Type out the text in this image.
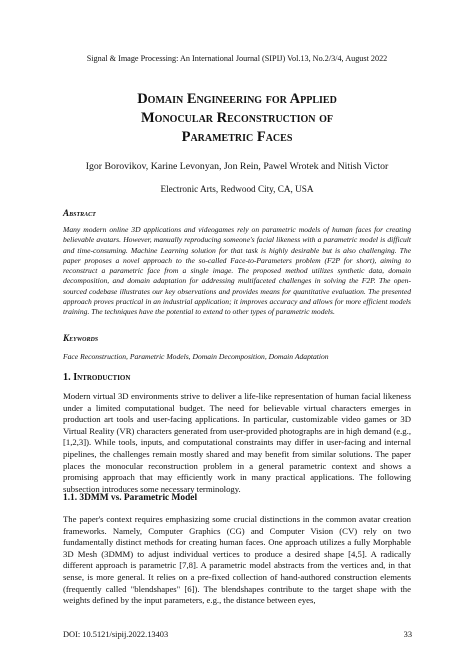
Signal & Image Processing: An International Journal (SIPIJ) Vol.13, No.2/3/4, August 2022
Domain Engineering for Applied
Monocular Reconstruction of
Parametric Faces
Igor Borovikov, Karine Levonyan, Jon Rein, Pawel Wrotek and Nitish Victor
Electronic Arts, Redwood City, CA, USA
Abstract
Many modern online 3D applications and videogames rely on parametric models of human faces for creating believable avatars. However, manually reproducing someone's facial likeness with a parametric model is difficult and time-consuming. Machine Learning solution for that task is highly desirable but is also challenging. The paper proposes a novel approach to the so-called Face-to-Parameters problem (F2P for short), aiming to reconstruct a parametric face from a single image. The proposed method utilizes synthetic data, domain decomposition, and domain adaptation for addressing multifaceted challenges in solving the F2P. The open-sourced codebase illustrates our key observations and provides means for quantitative evaluation. The presented approach proves practical in an industrial application; it improves accuracy and allows for more efficient models training. The techniques have the potential to extend to other types of parametric models.
Keywords
Face Reconstruction, Parametric Models, Domain Decomposition, Domain Adaptation
1. Introduction
Modern virtual 3D environments strive to deliver a life-like representation of human facial likeness under a limited computational budget. The need for believable virtual characters emerges in production art tools and user-facing applications. In particular, customizable video games or 3D Virtual Reality (VR) characters generated from user-provided photographs are in high demand (e.g., [1,2,3]). While tools, inputs, and computational constraints may differ in user-facing and internal pipelines, the challenges remain mostly shared and may benefit from similar solutions. The paper places the monocular reconstruction problem in a general parametric context and shows a promising approach that may efficiently work in many practical applications. The following subsection introduces some necessary terminology.
1.1. 3DMM vs. Parametric Model
The paper's context requires emphasizing some crucial distinctions in the common avatar creation frameworks. Namely, Computer Graphics (CG) and Computer Vision (CV) rely on two fundamentally distinct methods for creating human faces. One approach utilizes a fully Morphable 3D Mesh (3DMM) to adjust individual vertices to produce a desired shape [4,5]. A radically different approach is parametric [7,8]. A parametric model abstracts from the vertices and, in that sense, is more general. It relies on a pre-fixed collection of hand-authored construction elements (frequently called "blendshapes" [6]). The blendshapes contribute to the target shape with the weights defined by the input parameters, e.g., the distance between eyes,
DOI: 10.5121/sipij.2022.13403	33
